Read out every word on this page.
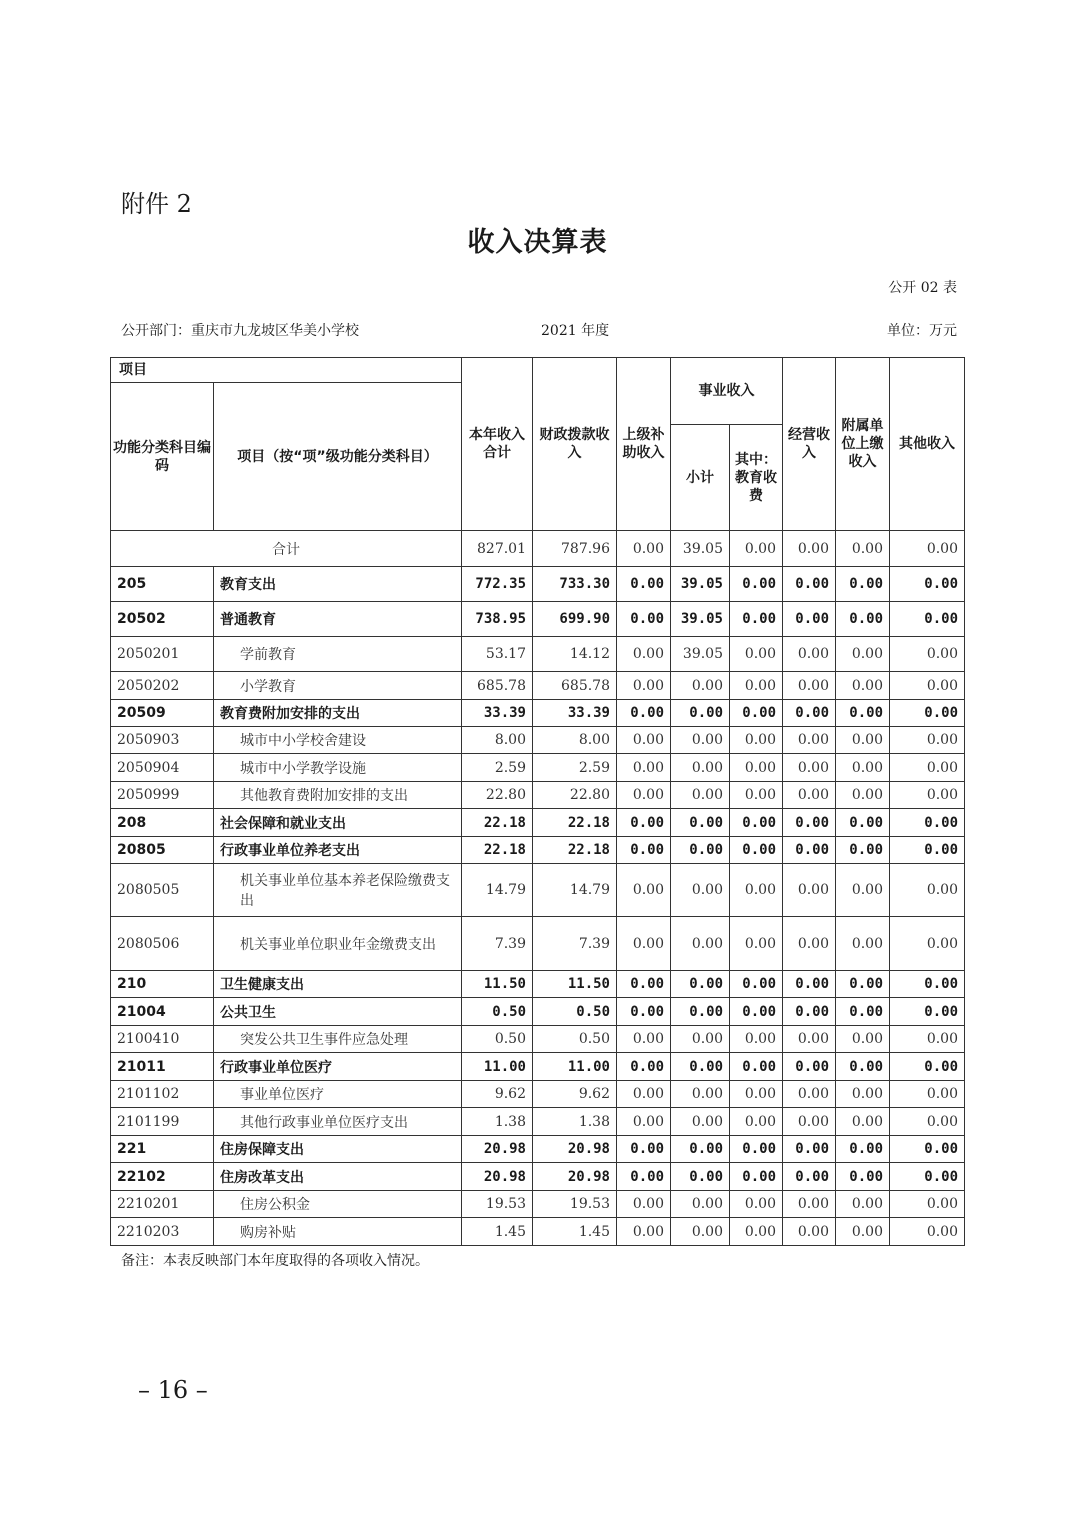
附件 2
收入决算表
公开 02 表
公开部门：重庆市九龙坡区华美小学校	2021 年度	单位：万元
项目		本年收入合计	财政拨款收入	上级补助收入	事业收入		经营收入	附属单位上缴收入	其他收入
功能分类科目编码	项目（按“项”级功能分类科目）								
					小计	其中：教育收费			
合计		827.01	787.96	0.00	39.05	0.00	0.00	0.00	0.00
205	教育支出	772.35	733.30	0.00	39.05	0.00	0.00	0.00	0.00
20502	普通教育	738.95	699.90	0.00	39.05	0.00	0.00	0.00	0.00
2050201	学前教育	53.17	14.12	0.00	39.05	0.00	0.00	0.00	0.00
2050202	小学教育	685.78	685.78	0.00	0.00	0.00	0.00	0.00	0.00
20509	教育费附加安排的支出	33.39	33.39	0.00	0.00	0.00	0.00	0.00	0.00
2050903	城市中小学校舍建设	8.00	8.00	0.00	0.00	0.00	0.00	0.00	0.00
2050904	城市中小学教学设施	2.59	2.59	0.00	0.00	0.00	0.00	0.00	0.00
2050999	其他教育费附加安排的支出	22.80	22.80	0.00	0.00	0.00	0.00	0.00	0.00
208	社会保障和就业支出	22.18	22.18	0.00	0.00	0.00	0.00	0.00	0.00
20805	行政事业单位养老支出	22.18	22.18	0.00	0.00	0.00	0.00	0.00	0.00
2080505	机关事业单位基本养老保险缴费支出	14.79	14.79	0.00	0.00	0.00	0.00	0.00	0.00
2080506	机关事业单位职业年金缴费支出	7.39	7.39	0.00	0.00	0.00	0.00	0.00	0.00
210	卫生健康支出	11.50	11.50	0.00	0.00	0.00	0.00	0.00	0.00
21004	公共卫生	0.50	0.50	0.00	0.00	0.00	0.00	0.00	0.00
2100410	突发公共卫生事件应急处理	0.50	0.50	0.00	0.00	0.00	0.00	0.00	0.00
21011	行政事业单位医疗	11.00	11.00	0.00	0.00	0.00	0.00	0.00	0.00
2101102	事业单位医疗	9.62	9.62	0.00	0.00	0.00	0.00	0.00	0.00
2101199	其他行政事业单位医疗支出	1.38	1.38	0.00	0.00	0.00	0.00	0.00	0.00
221	住房保障支出	20.98	20.98	0.00	0.00	0.00	0.00	0.00	0.00
22102	住房改革支出	20.98	20.98	0.00	0.00	0.00	0.00	0.00	0.00
2210201	住房公积金	19.53	19.53	0.00	0.00	0.00	0.00	0.00	0.00
2210203	购房补贴	1.45	1.45	0.00	0.00	0.00	0.00	0.00	0.00
备注：本表反映部门本年度取得的各项收入情况。
– 16 –
